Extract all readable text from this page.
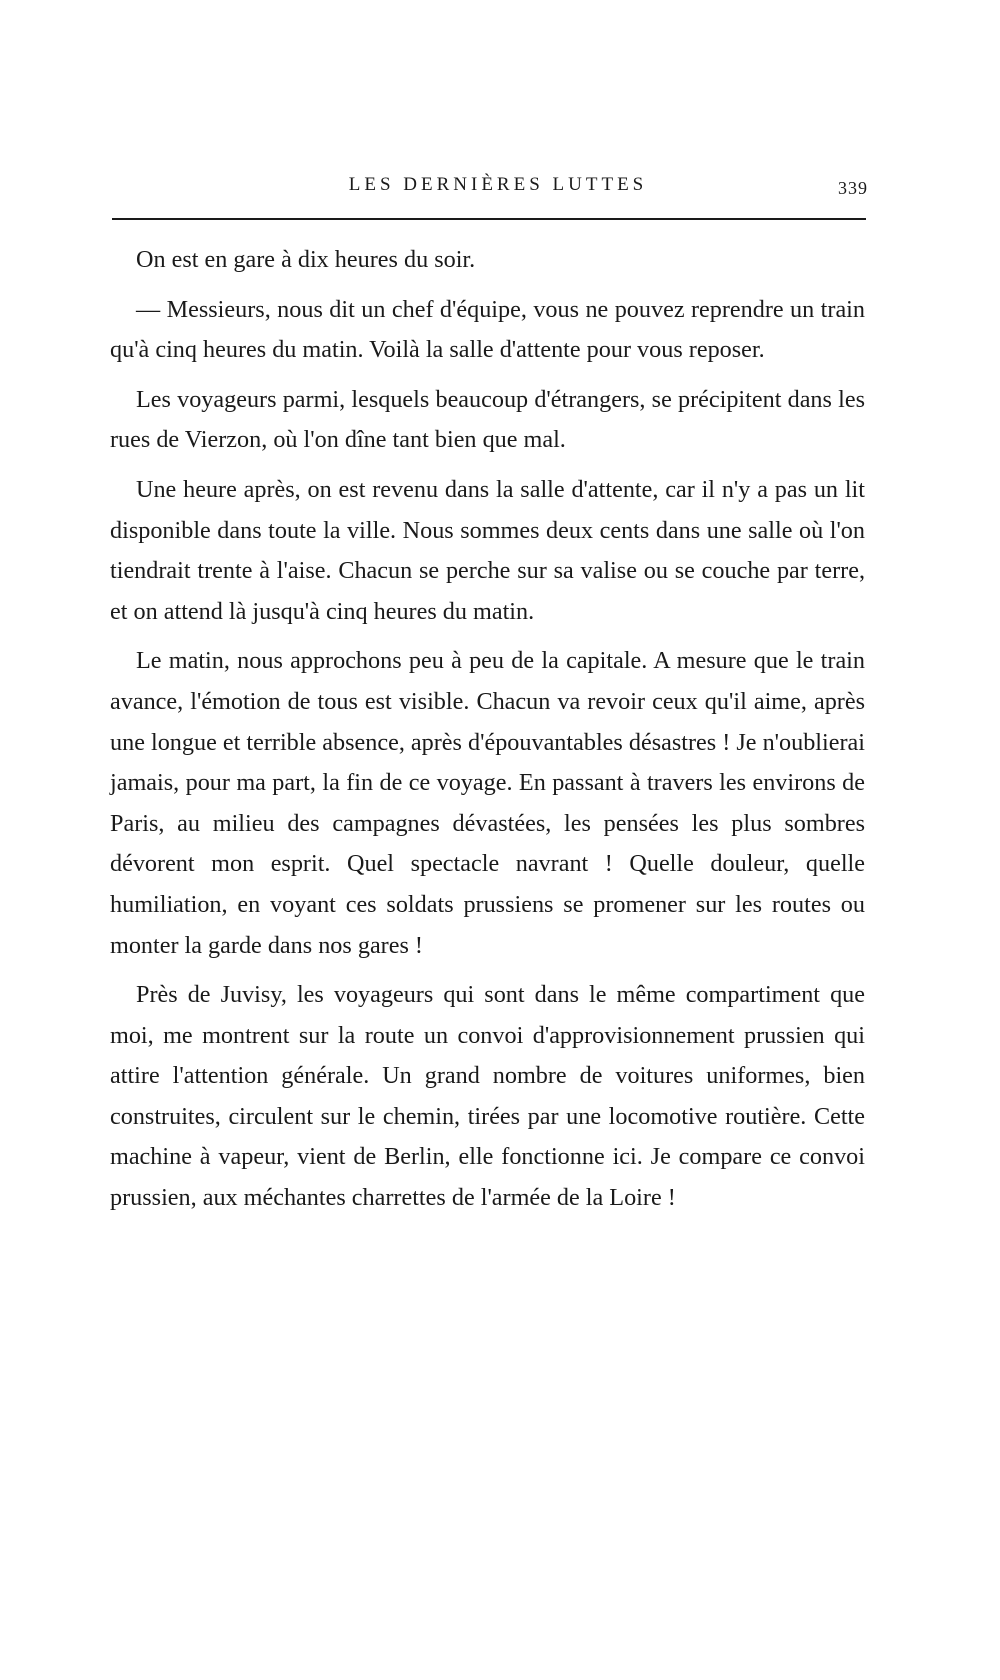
LES DERNIÈRES LUTTES	339

On est en gare à dix heures du soir.

— Messieurs, nous dit un chef d'équipe, vous ne pouvez reprendre un train qu'à cinq heures du matin. Voilà la salle d'attente pour vous reposer.

Les voyageurs parmi, lesquels beaucoup d'étrangers, se précipitent dans les rues de Vierzon, où l'on dîne tant bien que mal.

Une heure après, on est revenu dans la salle d'attente, car il n'y a pas un lit disponible dans toute la ville. Nous sommes deux cents dans une salle où l'on tiendrait trente à l'aise. Chacun se perche sur sa valise ou se couche par terre, et on attend là jusqu'à cinq heures du matin.

Le matin, nous approchons peu à peu de la capitale. A mesure que le train avance, l'émotion de tous est visible. Chacun va revoir ceux qu'il aime, après une longue et terrible absence, après d'épouvantables désastres ! Je n'oublierai jamais, pour ma part, la fin de ce voyage. En passant à travers les environs de Paris, au milieu des campagnes dévastées, les pensées les plus sombres dévorent mon esprit. Quel spectacle navrant ! Quelle douleur, quelle humiliation, en voyant ces soldats prussiens se promener sur les routes ou monter la garde dans nos gares !

Près de Juvisy, les voyageurs qui sont dans le même compartiment que moi, me montrent sur la route un convoi d'approvisionnement prussien qui attire l'attention générale. Un grand nombre de voitures uniformes, bien construites, circulent sur le chemin, tirées par une locomotive routière. Cette machine à vapeur, vient de Berlin, elle fonctionne ici. Je compare ce convoi prussien, aux méchantes charrettes de l'armée de la Loire !
